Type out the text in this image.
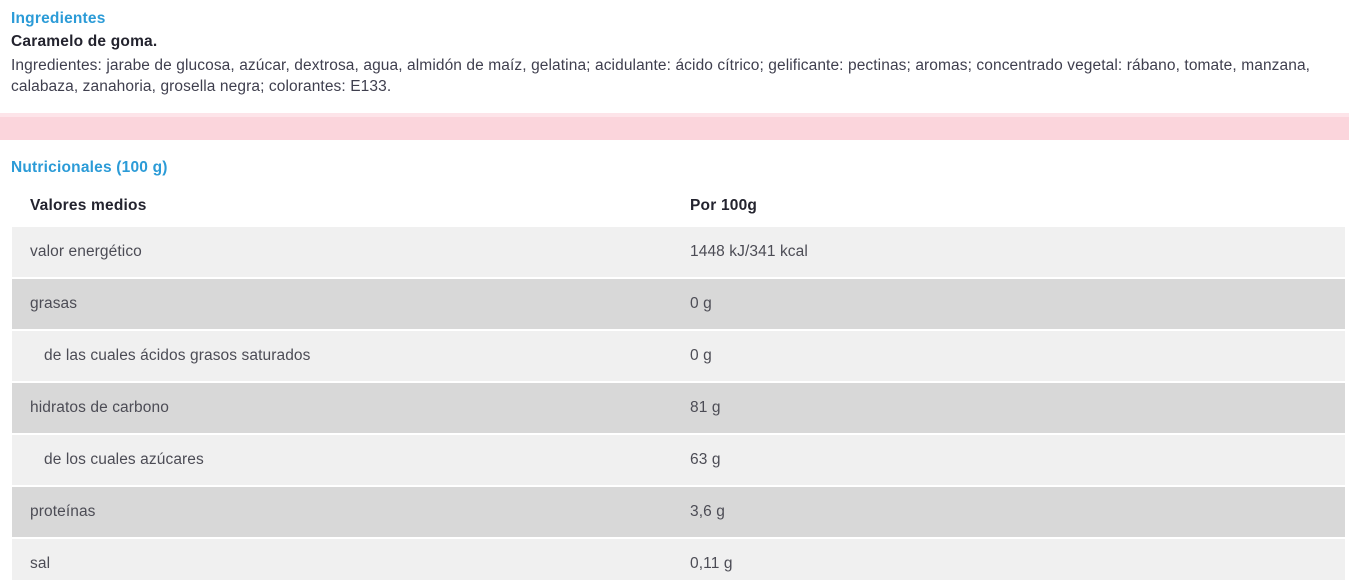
Ingredientes

Caramelo de goma.

Ingredientes: jarabe de glucosa, azúcar, dextrosa, agua, almidón de maíz, gelatina; acidulante: ácido cítrico; gelificante: pectinas; aromas; concentrado vegetal: rábano, tomate, manzana, calabaza, zanahoria, grosella negra; colorantes: E133.

Nutricionales (100 g)
Valores medios	Por 100g
valor energético	1448 kJ/341 kcal
grasas	0 g
de las cuales ácidos grasos saturados	0 g
hidratos de carbono	81 g
de los cuales azúcares	63 g
proteínas	3,6 g
sal	0,11 g
